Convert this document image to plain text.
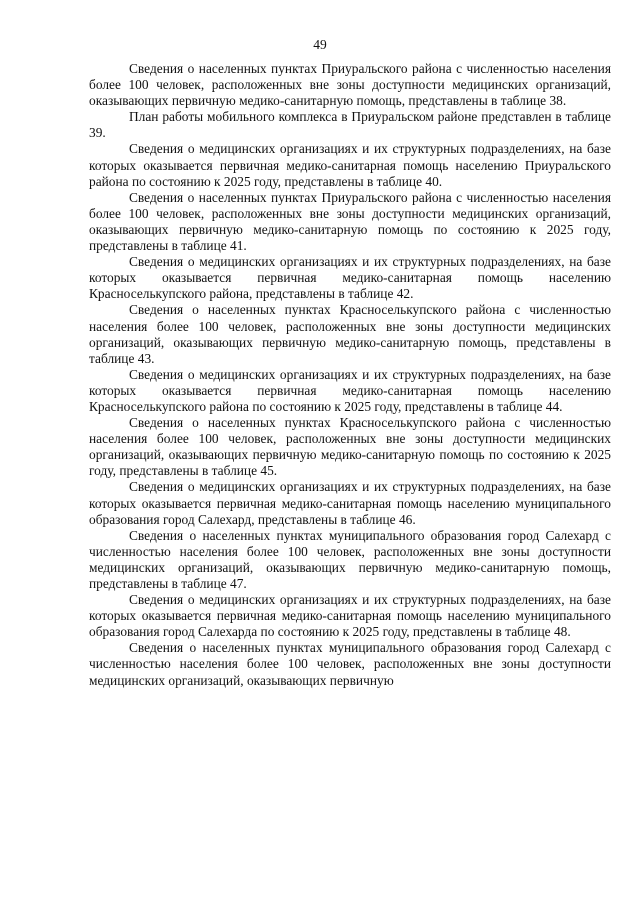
49

Сведения о населенных пунктах Приуральского района с численностью населения более 100 человек, расположенных вне зоны доступности медицинских организаций, оказывающих первичную медико-санитарную помощь, представлены в таблице 38.

План работы мобильного комплекса в Приуральском районе представлен в таблице 39.

Сведения о медицинских организациях и их структурных подразделениях, на базе которых оказывается первичная медико-санитарная помощь населению Приуральского района по состоянию к 2025 году, представлены в таблице 40.

Сведения о населенных пунктах Приуральского района с численностью населения более 100 человек, расположенных вне зоны доступности медицинских организаций, оказывающих первичную медико-санитарную помощь по состоянию к 2025 году, представлены в таблице 41.

Сведения о медицинских организациях и их структурных подразделениях, на базе которых оказывается первичная медико-санитарная помощь населению Красноселькупского района, представлены в таблице 42.

Сведения о населенных пунктах Красноселькупского района с численностью населения более 100 человек, расположенных вне зоны доступности медицинских организаций, оказывающих первичную медико-санитарную помощь, представлены в таблице 43.

Сведения о медицинских организациях и их структурных подразделениях, на базе которых оказывается первичная медико-санитарная помощь населению Красноселькупского района по состоянию к 2025 году, представлены в таблице 44.

Сведения о населенных пунктах Красноселькупского района с численностью населения более 100 человек, расположенных вне зоны доступности медицинских организаций, оказывающих первичную медико-санитарную помощь по состоянию к 2025 году, представлены в таблице 45.

Сведения о медицинских организациях и их структурных подразделениях, на базе которых оказывается первичная медико-санитарная помощь населению муниципального образования город Салехард, представлены в таблице 46.

Сведения о населенных пунктах муниципального образования город Салехард с численностью населения более 100 человек, расположенных вне зоны доступности медицинских организаций, оказывающих первичную медико-санитарную помощь, представлены в таблице 47.

Сведения о медицинских организациях и их структурных подразделениях, на базе которых оказывается первичная медико-санитарная помощь населению муниципального образования город Салехарда по состоянию к 2025 году, представлены в таблице 48.

Сведения о населенных пунктах муниципального образования город Салехард с численностью населения более 100 человек, расположенных вне зоны доступности медицинских организаций, оказывающих первичную
